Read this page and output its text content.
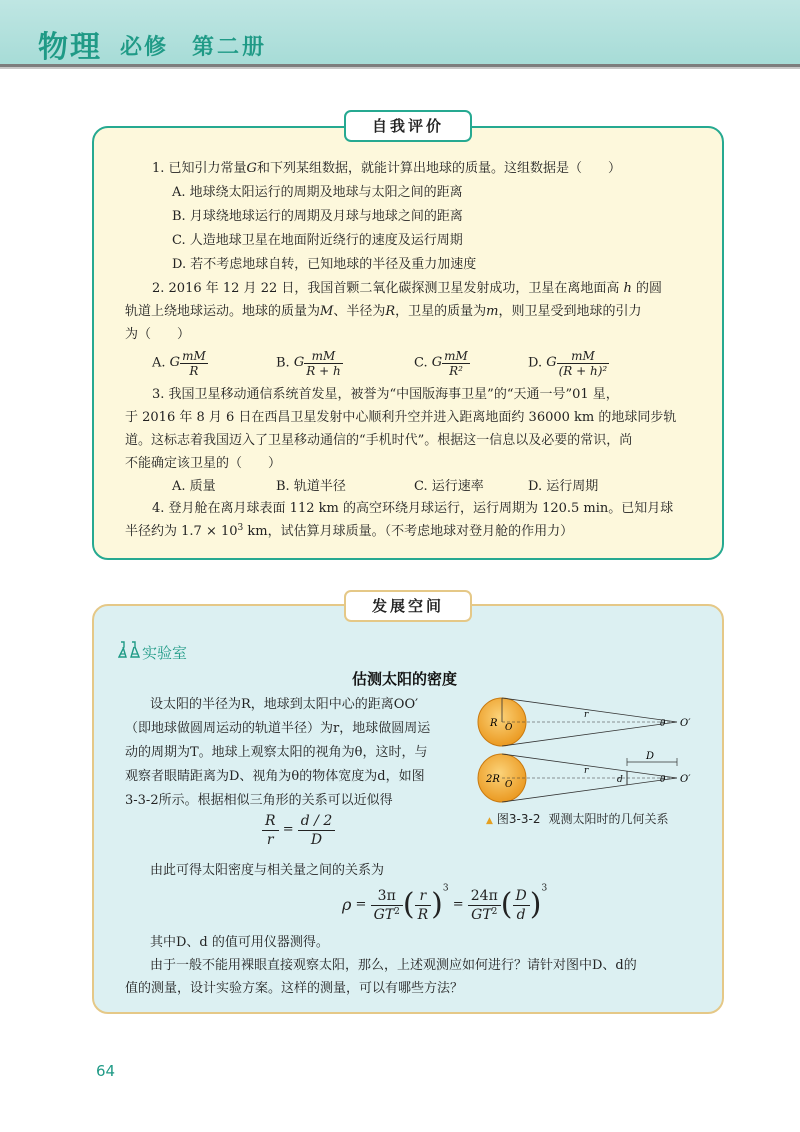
物理 必修 第二册
自我评价
1. 已知引力常量G和下列某组数据，就能计算出地球的质量。这组数据是（　　）
A. 地球绕太阳运行的周期及地球与太阳之间的距离
B. 月球绕地球运行的周期及月球与地球之间的距离
C. 人造地球卫星在地面附近绕行的速度及运行周期
D. 若不考虑地球自转，已知地球的半径及重力加速度
2. 2016 年 12 月 22 日，我国首颗二氧化碳探测卫星发射成功，卫星在离地面高 h 的圆
轨道上绕地球运动。地球的质量为M、半径为R，卫星的质量为m，则卫星受到地球的引力
为（　　）
A. G $\frac{mM}{R}$	B. G $\frac{mM}{R + h}$	C. G $\frac{mM}{\text{R²}}$	D. G $\frac{mM}{\text{(R + h)²}}$
3. 我国卫星移动通信系统首发星，被誉为“中国版海事卫星”的“天通一号”01 星，
于 2016 年 8 月 6 日在西昌卫星发射中心顺利升空并进入距离地面约 36000 km 的地球同步轨
道。这标志着我国迈入了卫星移动通信的“手机时代”。根据这一信息以及必要的常识，尚
不能确定该卫星的（　　）
A. 质量	B. 轨道半径	C. 运行速率	D. 运行周期
4. 登月舱在离月球表面 112 km 的高空环绕月球运行，运行周期为 120.5 min。已知月球
半径约为 $1.7 \times 10^3$ km，试估算月球质量。（不考虑地球对登月舱的作用力）
发展空间
实验室
估测太阳的密度
设太阳的半径为R，地球到太阳中心的距离OO′
（即地球做圆周运动的轨道半径）为r，地球做圆周运
动的周期为T。地球上观察太阳的视角为θ，这时，与
观察者眼睛距离为D、视角为θ的物体宽度为d，如图
3-3-2所示。根据相似三角形的关系可以近似得
$\frac{R}{r} = \frac{d / 2}{D}$
由此可得太阳密度与相关量之间的关系为
$\rho = \frac{3\pi}{GT^2}$ ( $\frac{r}{R} )^3 = \frac{24\pi}{GT^2}$ ( $\frac{D}{d} )^3$
其中D、d 的值可用仪器测得。
由于一般不能用裸眼直接观察太阳，那么，上述观测应如何进行？请针对图中D、d的
值的测量，设计实验方案。这样的测量，可以有哪些方法？
R O
r
θ O′
D
2R O
r
d	θ O′
▲ 图3-3-2 观测太阳时的几何关系
64
